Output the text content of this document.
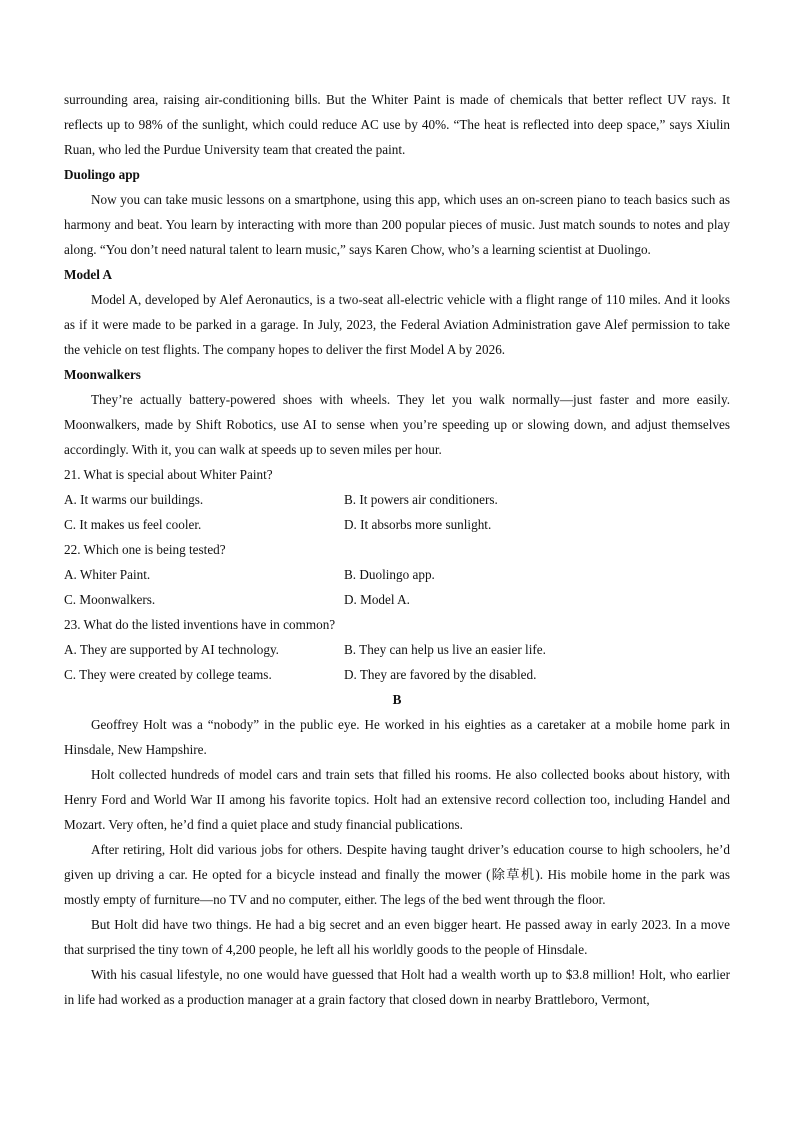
surrounding area, raising air-conditioning bills. But the Whiter Paint is made of chemicals that better reflect UV rays. It reflects up to 98% of the sunlight, which could reduce AC use by 40%. “The heat is reflected into deep space,” says Xiulin Ruan, who led the Purdue University team that created the paint.

Duolingo app

Now you can take music lessons on a smartphone, using this app, which uses an on-screen piano to teach basics such as harmony and beat. You learn by interacting with more than 200 popular pieces of music. Just match sounds to notes and play along. “You don’t need natural talent to learn music,” says Karen Chow, who’s a learning scientist at Duolingo.

Model A

Model A, developed by Alef Aeronautics, is a two-seat all-electric vehicle with a flight range of 110 miles. And it looks as if it were made to be parked in a garage. In July, 2023, the Federal Aviation Administration gave Alef permission to take the vehicle on test flights. The company hopes to deliver the first Model A by 2026.

Moonwalkers

They’re actually battery-powered shoes with wheels. They let you walk normally—just faster and more easily. Moonwalkers, made by Shift Robotics, use AI to sense when you’re speeding up or slowing down, and adjust themselves accordingly. With it, you can walk at speeds up to seven miles per hour.

21. What is special about Whiter Paint?

A. It warms our buildings.	B. It powers air conditioners.
C. It makes us feel cooler.	D. It absorbs more sunlight.

22. Which one is being tested?

A. Whiter Paint.	B. Duolingo app.
C. Moonwalkers.	D. Model A.

23. What do the listed inventions have in common?

A. They are supported by AI technology.	B. They can help us live an easier life.
C. They were created by college teams.	D. They are favored by the disabled.

B

Geoffrey Holt was a “nobody” in the public eye. He worked in his eighties as a caretaker at a mobile home park in Hinsdale, New Hampshire.

Holt collected hundreds of model cars and train sets that filled his rooms. He also collected books about history, with Henry Ford and World War II among his favorite topics. Holt had an extensive record collection too, including Handel and Mozart. Very often, he’d find a quiet place and study financial publications.

After retiring, Holt did various jobs for others. Despite having taught driver’s education course to high schoolers, he’d given up driving a car. He opted for a bicycle instead and finally the mower (除草机). His mobile home in the park was mostly empty of furniture—no TV and no computer, either. The legs of the bed went through the floor.

But Holt did have two things. He had a big secret and an even bigger heart. He passed away in early 2023. In a move that surprised the tiny town of 4,200 people, he left all his worldly goods to the people of Hinsdale.

With his casual lifestyle, no one would have guessed that Holt had a wealth worth up to $3.8 million! Holt, who earlier in life had worked as a production manager at a grain factory that closed down in nearby Brattleboro, Vermont,
